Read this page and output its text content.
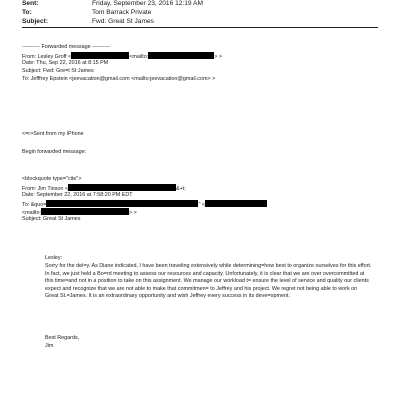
Sent:	Friday, September 23, 2016 12:19 AM
To:	Tom Barrack Private
Subject:	Fwd: Great St James
---------- Forwarded message ----------
From: Lesley Groff <	<mailto:	> >
Date: Thu, Sep 22, 2016 at 8:15 PM
Subject: Fwd: Gre=t St James
To: Jefffrey Epstein <jeevacation@gmail.com <mailto:jeevacation@gmail.com> >
<=r>Sent from my iPhone
Begin forwarded message:
<blockquote type="cite">
From: Jim Tinson <	&+t;
Date: September 22, 2016 at 7:58:20 PM EDT
To: &quo=	" <
<mailto:	> >
Subject: Great St James
Lesley:
Sorry for the del=y. As Diane indicated, I have been traveling extensively while determining=how best to organize ourselves for this effort. In fact, we just held a Bo=rd meeting to assess our resources and capacity. Unfortunately, it is clear that we are over overcommitted at this time=and not in a position to take on this assignment. We manage our workload t= ensure the level of service and quality our clients expect and recognize that we are not able to make that commitmen= to Jeffrey and his project. We regret not being able to work on Great St.=James. It is an extraordinary opportunity and wish Jeffrey every success in its deve=opment.
Best Regards,
Jim
